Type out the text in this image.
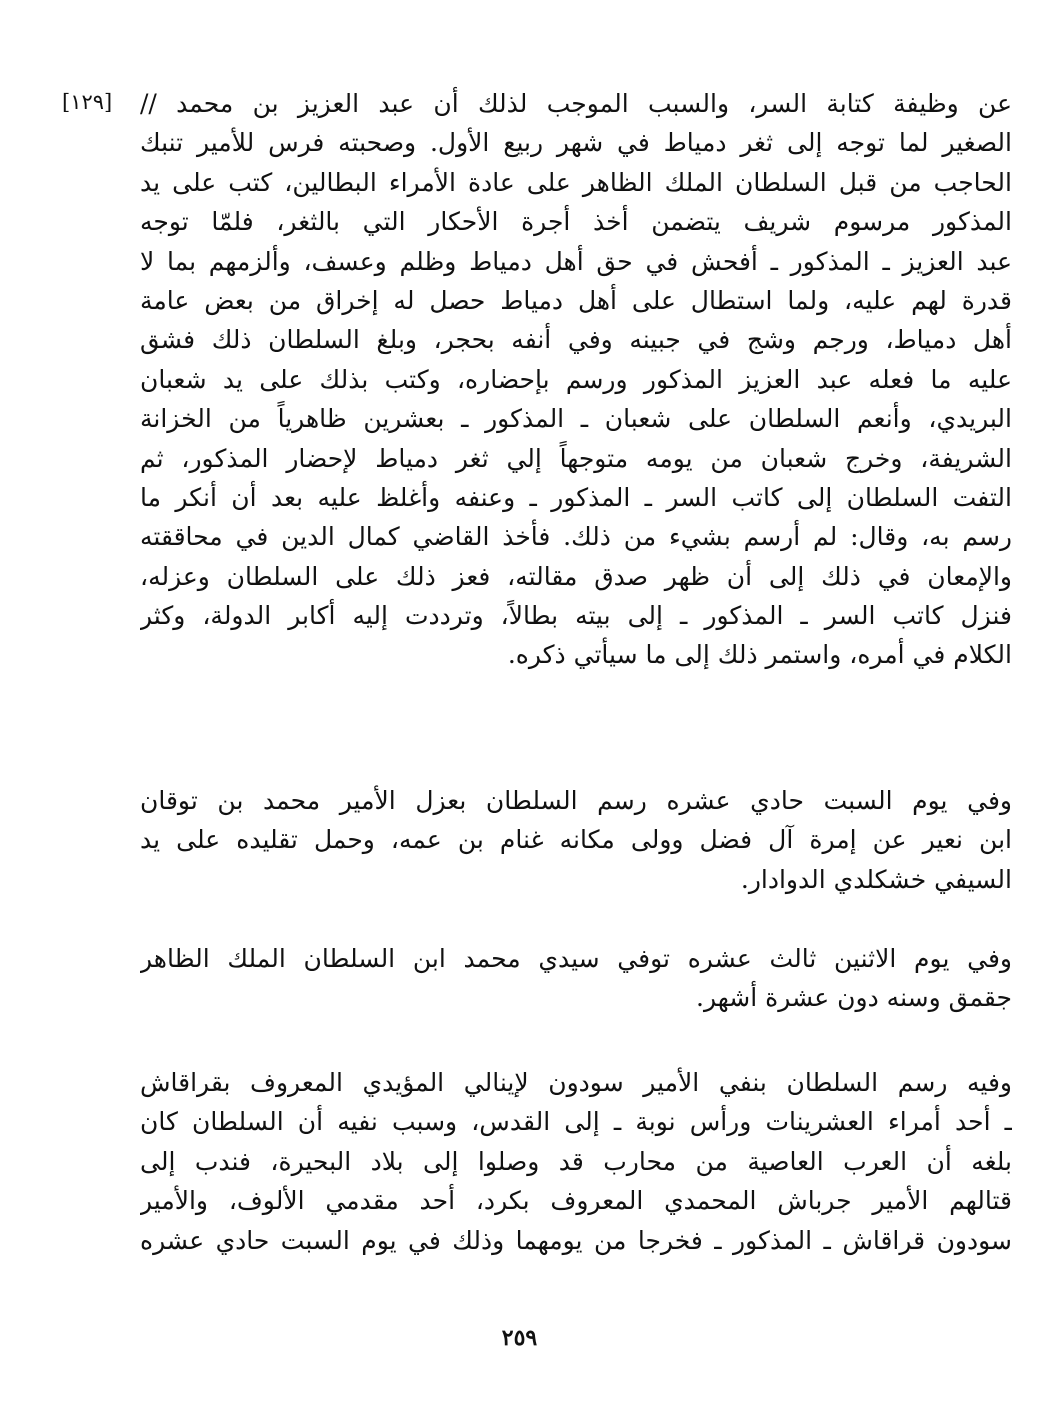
[١٢٩] عن وظيفة كتابة السر، والسبب الموجب لذلك أن عبد العزيز بن محمد //
الصغير لما توجه إلى ثغر دمياط في شهر ربيع الأول. وصحبته فرس للأمير تنبك
الحاجب من قبل السلطان الملك الظاهر على عادة الأمراء البطالين، كتب على يد
المذكور مرسوم شريف يتضمن أخذ أجرة الأحكار التي بالثغر، فلمّا توجه
عبد العزيز ـ المذكور ـ أفحش في حق أهل دمياط وظلم وعسف، وألزمهم بما لا
قدرة لهم عليه، ولما استطال على أهل دمياط حصل له إخراق من بعض عامة
أهل دمياط، ورجم وشج في جبينه وفي أنفه بحجر، وبلغ السلطان ذلك فشق
عليه ما فعله عبد العزيز المذكور ورسم بإحضاره، وكتب بذلك على يد شعبان
البريدي، وأنعم السلطان على شعبان ـ المذكور ـ بعشرين ظاهرياً من الخزانة
الشريفة، وخرج شعبان من يومه متوجهاً إلي ثغر دمياط لإحضار المذكور، ثم
التفت السلطان إلى كاتب السر ـ المذكور ـ وعنفه وأغلظ عليه بعد أن أنكر ما
رسم به، وقال: لم أرسم بشيء من ذلك. فأخذ القاضي كمال الدين في محاققته
والإمعان في ذلك إلى أن ظهر صدق مقالته، فعز ذلك على السلطان وعزله،
فنزل كاتب السر ـ المذكور ـ إلى بيته بطالاً، وترددت إليه أكابر الدولة، وكثر
الكلام في أمره، واستمر ذلك إلى ما سيأتي ذكره.
وفي يوم السبت حادي عشره رسم السلطان بعزل الأمير محمد بن توقان
ابن نعير عن إمرة آل فضل وولى مكانه غنام بن عمه، وحمل تقليده على يد
السيفي خشكلدي الدوادار.
وفي يوم الاثنين ثالث عشره توفي سيدي محمد ابن السلطان الملك الظاهر
جقمق وسنه دون عشرة أشهر.
وفيه رسم السلطان بنفي الأمير سودون لإينالي المؤيدي المعروف بقراقاش
ـ أحد أمراء العشرينات ورأس نوبة ـ إلى القدس، وسبب نفيه أن السلطان كان
بلغه أن العرب العاصية من محارب قد وصلوا إلى بلاد البحيرة، فندب إلى
قتالهم الأمير جرباش المحمدي المعروف بكرد، أحد مقدمي الألوف، والأمير
سودون قراقاش ـ المذكور ـ فخرجا من يومهما وذلك في يوم السبت حادي عشره
٢٥٩
